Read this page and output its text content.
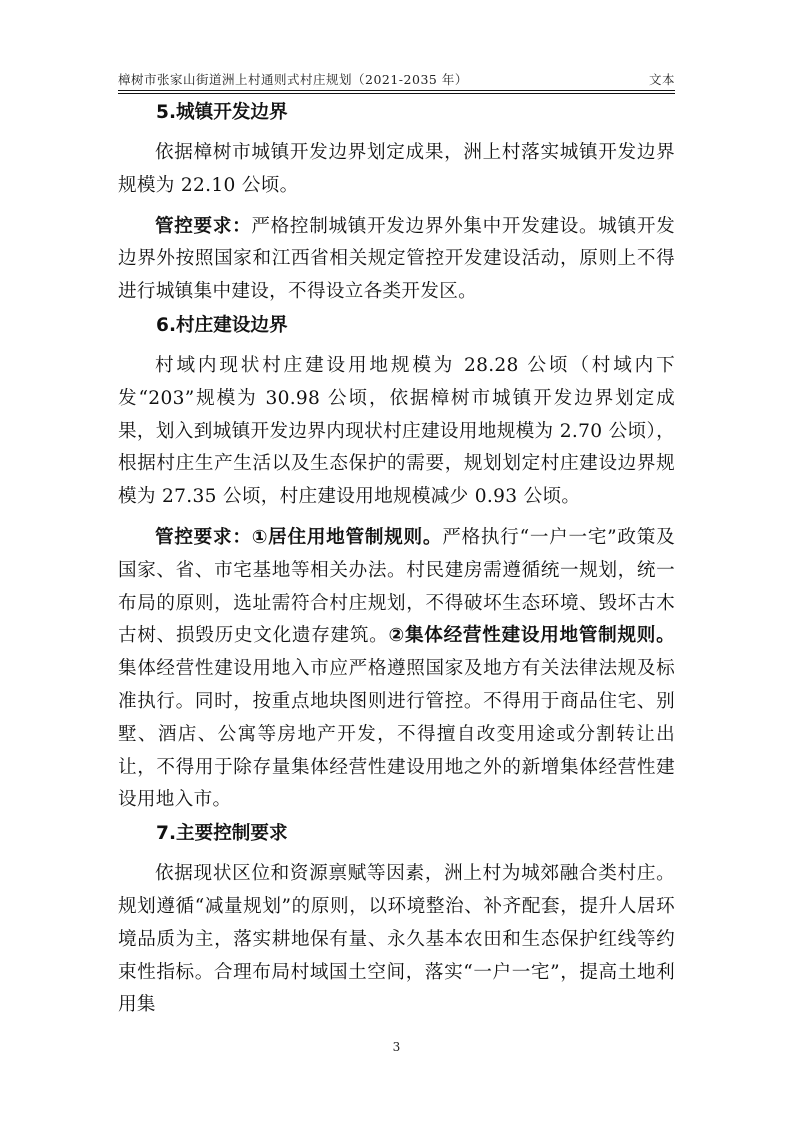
樟树市张家山街道洲上村通则式村庄规划（2021-2035 年）	文本
5.城镇开发边界

依据樟树市城镇开发边界划定成果，洲上村落实城镇开发边界规模为 22.10 公顷。

管控要求：严格控制城镇开发边界外集中开发建设。城镇开发边界外按照国家和江西省相关规定管控开发建设活动，原则上不得进行城镇集中建设，不得设立各类开发区。

6.村庄建设边界

村域内现状村庄建设用地规模为 28.28 公顷（村域内下发“203”规模为 30.98 公顷，依据樟树市城镇开发边界划定成果，划入到城镇开发边界内现状村庄建设用地规模为 2.70 公顷），根据村庄生产生活以及生态保护的需要，规划划定村庄建设边界规模为 27.35 公顷，村庄建设用地规模减少 0.93 公顷。

管控要求：①居住用地管制规则。严格执行“一户一宅”政策及国家、省、市宅基地等相关办法。村民建房需遵循统一规划，统一布局的原则，选址需符合村庄规划，不得破坏生态环境、毁坏古木古树、损毁历史文化遗存建筑。②集体经营性建设用地管制规则。集体经营性建设用地入市应严格遵照国家及地方有关法律法规及标准执行。同时，按重点地块图则进行管控。不得用于商品住宅、别墅、酒店、公寓等房地产开发，不得擅自改变用途或分割转让出让，不得用于除存量集体经营性建设用地之外的新增集体经营性建设用地入市。

7.主要控制要求

依据现状区位和资源禀赋等因素，洲上村为城郊融合类村庄。规划遵循“减量规划”的原则，以环境整治、补齐配套，提升人居环境品质为主，落实耕地保有量、永久基本农田和生态保护红线等约束性指标。合理布局村域国土空间，落实“一户一宅”，提高土地利用集

3
